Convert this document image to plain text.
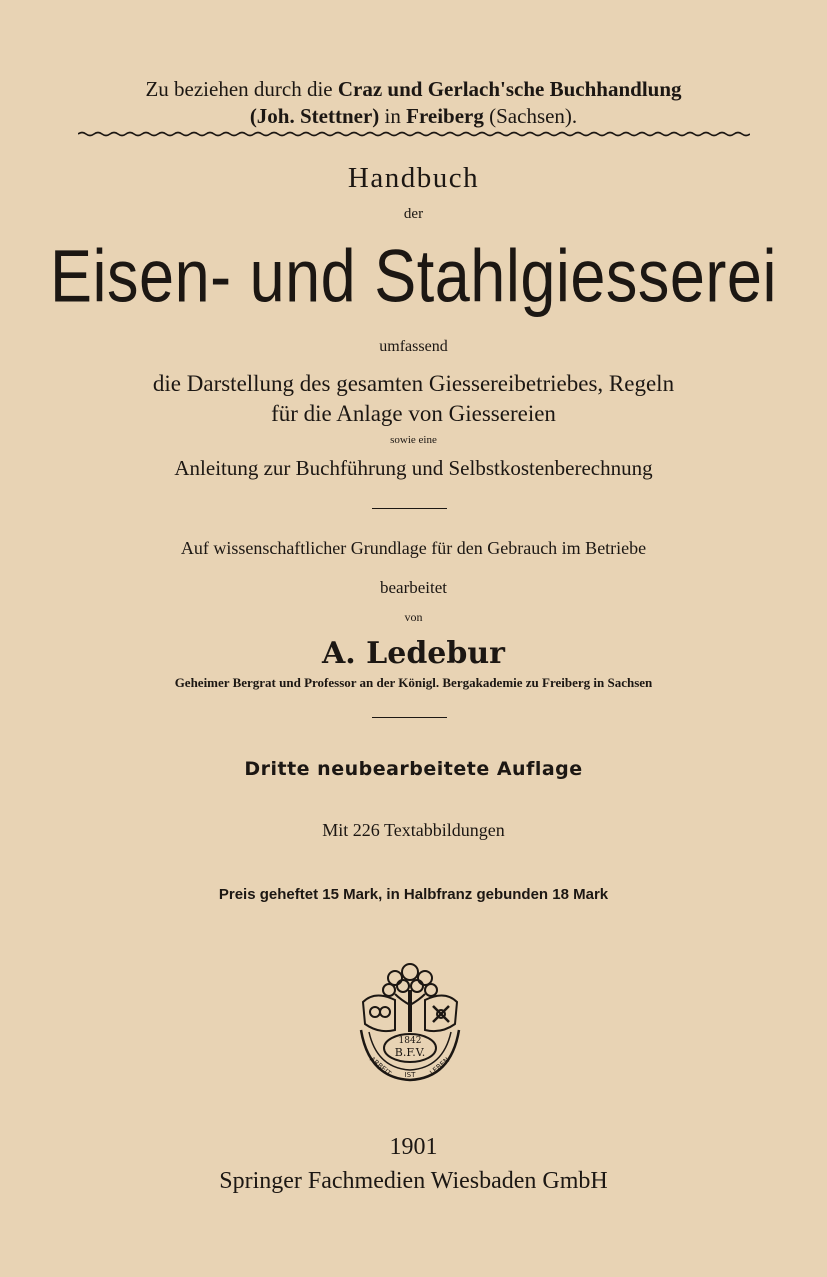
Zu beziehen durch die Craz und Gerlach'sche Buchhandlung
(Joh. Stettner) in Freiberg (Sachsen).
Handbuch
der
Eisen- und Stahlgiesserei
umfassend
die Darstellung des gesamten Giessereibetriebes, Regeln
für die Anlage von Giessereien
sowie eine
Anleitung zur Buchführung und Selbstkostenberechnung
Auf wissenschaftlicher Grundlage für den Gebrauch im Betriebe
bearbeitet
von
A. Ledebur
Geheimer Bergrat und Professor an der Königl. Bergakademie zu Freiberg in Sachsen
Dritte neubearbeitete Auflage
Mit 226 Textabbildungen
Preis geheftet 15 Mark, in Halbfranz gebunden 18 Mark
1842
B.F.V.
ARBEIT IST LEBEN
1901
Springer Fachmedien Wiesbaden GmbH
